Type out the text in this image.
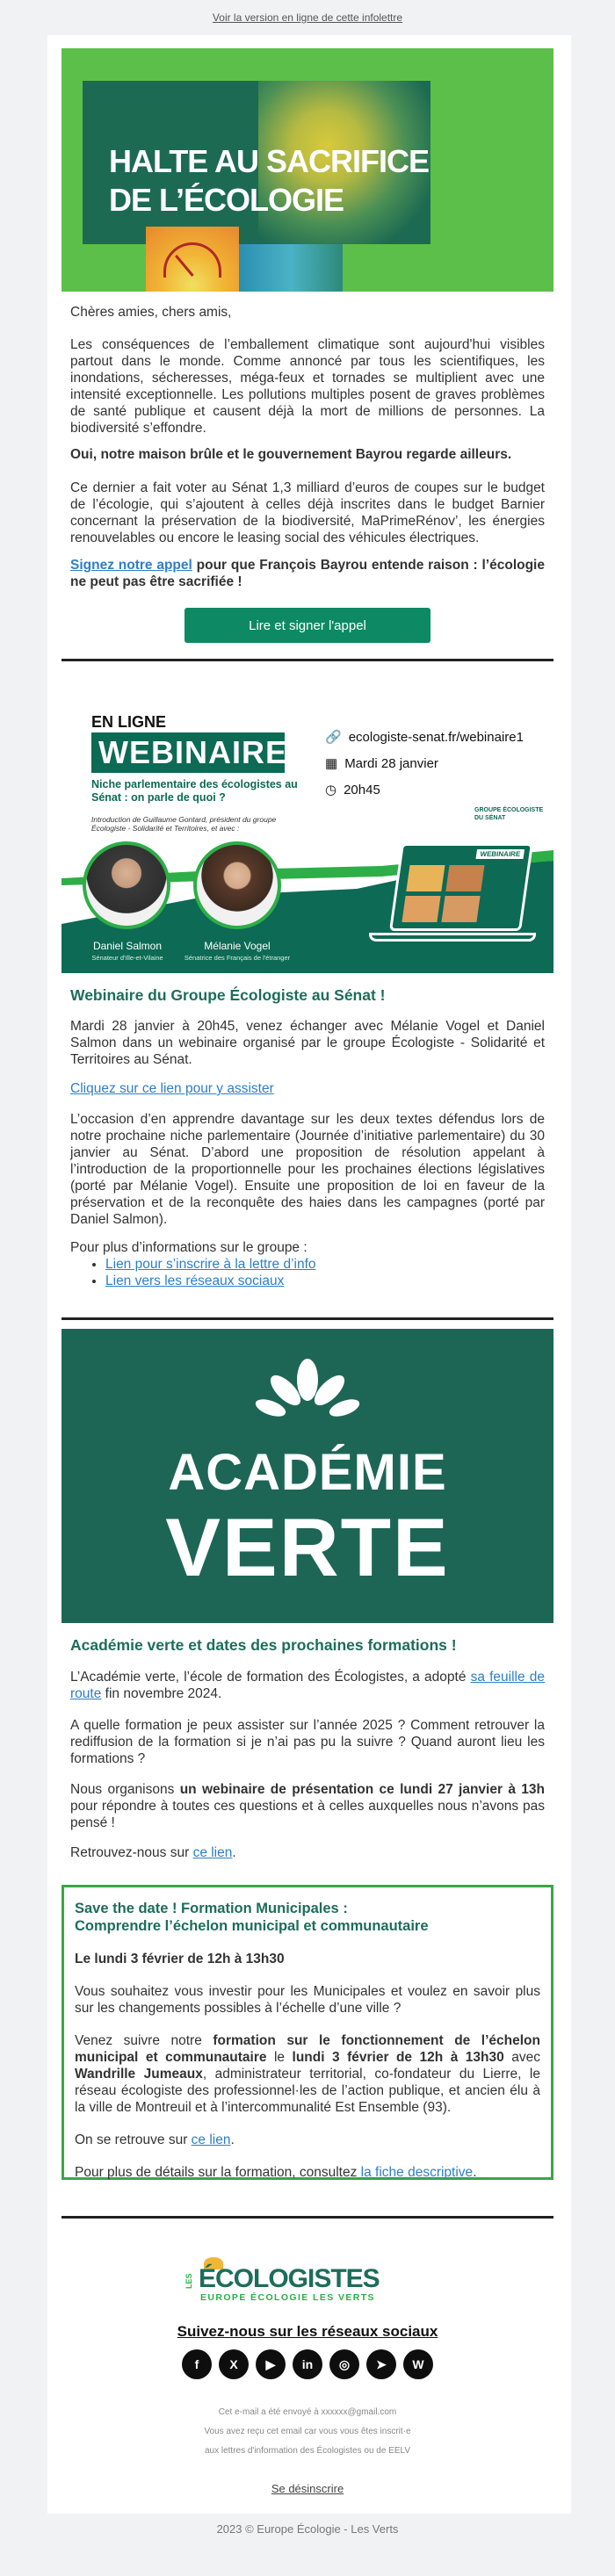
Voir la version en ligne de cette infolettre
HALTE AU SACRIFICE
DE L’ÉCOLOGIE
Chères amies, chers amis,
Les conséquences de l’emballement climatique sont aujourd'hui visibles partout dans le monde. Comme annoncé par tous les scientifiques, les inondations, sécheresses, méga-feux et tornades se multiplient avec une intensité exceptionnelle. Les pollutions multiples posent de graves problèmes de santé publique et causent déjà la mort de millions de personnes. La biodiversité s’effondre.
Oui, notre maison brûle et le gouvernement Bayrou regarde ailleurs.
Ce dernier a fait voter au Sénat 1,3 milliard d’euros de coupes sur le budget de l’écologie, qui s’ajoutent à celles déjà inscrites dans le budget Barnier concernant la préservation de la biodiversité, MaPrimeRénov’, les énergies renouvelables ou encore le leasing social des véhicules électriques.
Signez notre appel pour que François Bayrou entende raison : l’écologie ne peut pas être sacrifiée !
Lire et signer l'appel
EN LIGNE
WEBINAIRE
Niche parlementaire des écologistes au Sénat : on parle de quoi ?
Introduction de Guillaume Gontard, président du groupe Écologiste - Solidarité et Territoires, et avec :
🔗 ecologiste-senat.fr/webinaire1
▦ Mardi 28 janvier
◷ 20h45
GROUPE ÉCOLOGISTE DU SÉNAT
Daniel Salmon
Sénateur d'Ille-et-Vilaine
Mélanie Vogel
Sénatrice des Français de l'étranger
WEBINAIRE
Webinaire du Groupe Écologiste au Sénat !
Mardi 28 janvier à 20h45, venez échanger avec Mélanie Vogel et Daniel Salmon dans un webinaire organisé par le groupe Écologiste - Solidarité et Territoires au Sénat.
Cliquez sur ce lien pour y assister
L’occasion d’en apprendre davantage sur les deux textes défendus lors de notre prochaine niche parlementaire (Journée d’initiative parlementaire) du 30 janvier au Sénat. D’abord une proposition de résolution appelant à l’introduction de la proportionnelle pour les prochaines élections législatives (porté par Mélanie Vogel). Ensuite une proposition de loi en faveur de la préservation et de la reconquête des haies dans les campagnes (porté par Daniel Salmon).
Pour plus d’informations sur le groupe :
• Lien pour s’inscrire à la lettre d’info
• Lien vers les réseaux sociaux
ACADÉMIE
VERTE
Académie verte et dates des prochaines formations !
L’Académie verte, l’école de formation des Écologistes, a adopté sa feuille de route fin novembre 2024.
A quelle formation je peux assister sur l’année 2025 ? Comment retrouver la rediffusion de la formation si je n’ai pas pu la suivre ? Quand auront lieu les formations ?
Nous organisons un webinaire de présentation ce lundi 27 janvier à 13h pour répondre à toutes ces questions et à celles auxquelles nous n’avons pas pensé !
Retrouvez-nous sur ce lien.
Save the date ! Formation Municipales :
Comprendre l’échelon municipal et communautaire
Le lundi 3 février de 12h à 13h30
Vous souhaitez vous investir pour les Municipales et voulez en savoir plus sur les changements possibles à l’échelle d’une ville ?
Venez suivre notre formation sur le fonctionnement de l’échelon municipal et communautaire le lundi 3 février de 12h à 13h30 avec Wandrille Jumeaux, administrateur territorial, co-fondateur du Lierre, le réseau écologiste des professionnel·les de l’action publique, et ancien élu à la ville de Montreuil et à l’intercommunalité Est Ensemble (93).
On se retrouve sur ce lien.
Pour plus de détails sur la formation, consultez la fiche descriptive.
LES ÉCOLOGISTES
EUROPE ÉCOLOGIE LES VERTS
Suivez-nous sur les réseaux sociaux
f	X	▶	in	◎	➤	W
Cet e-mail a été envoyé à xxxxxx@gmail.com
Vous avez reçu cet email car vous vous êtes inscrit·e
aux lettres d'information des Écologistes ou de EELV
Se désinscrire
2023 © Europe Écologie - Les Verts
